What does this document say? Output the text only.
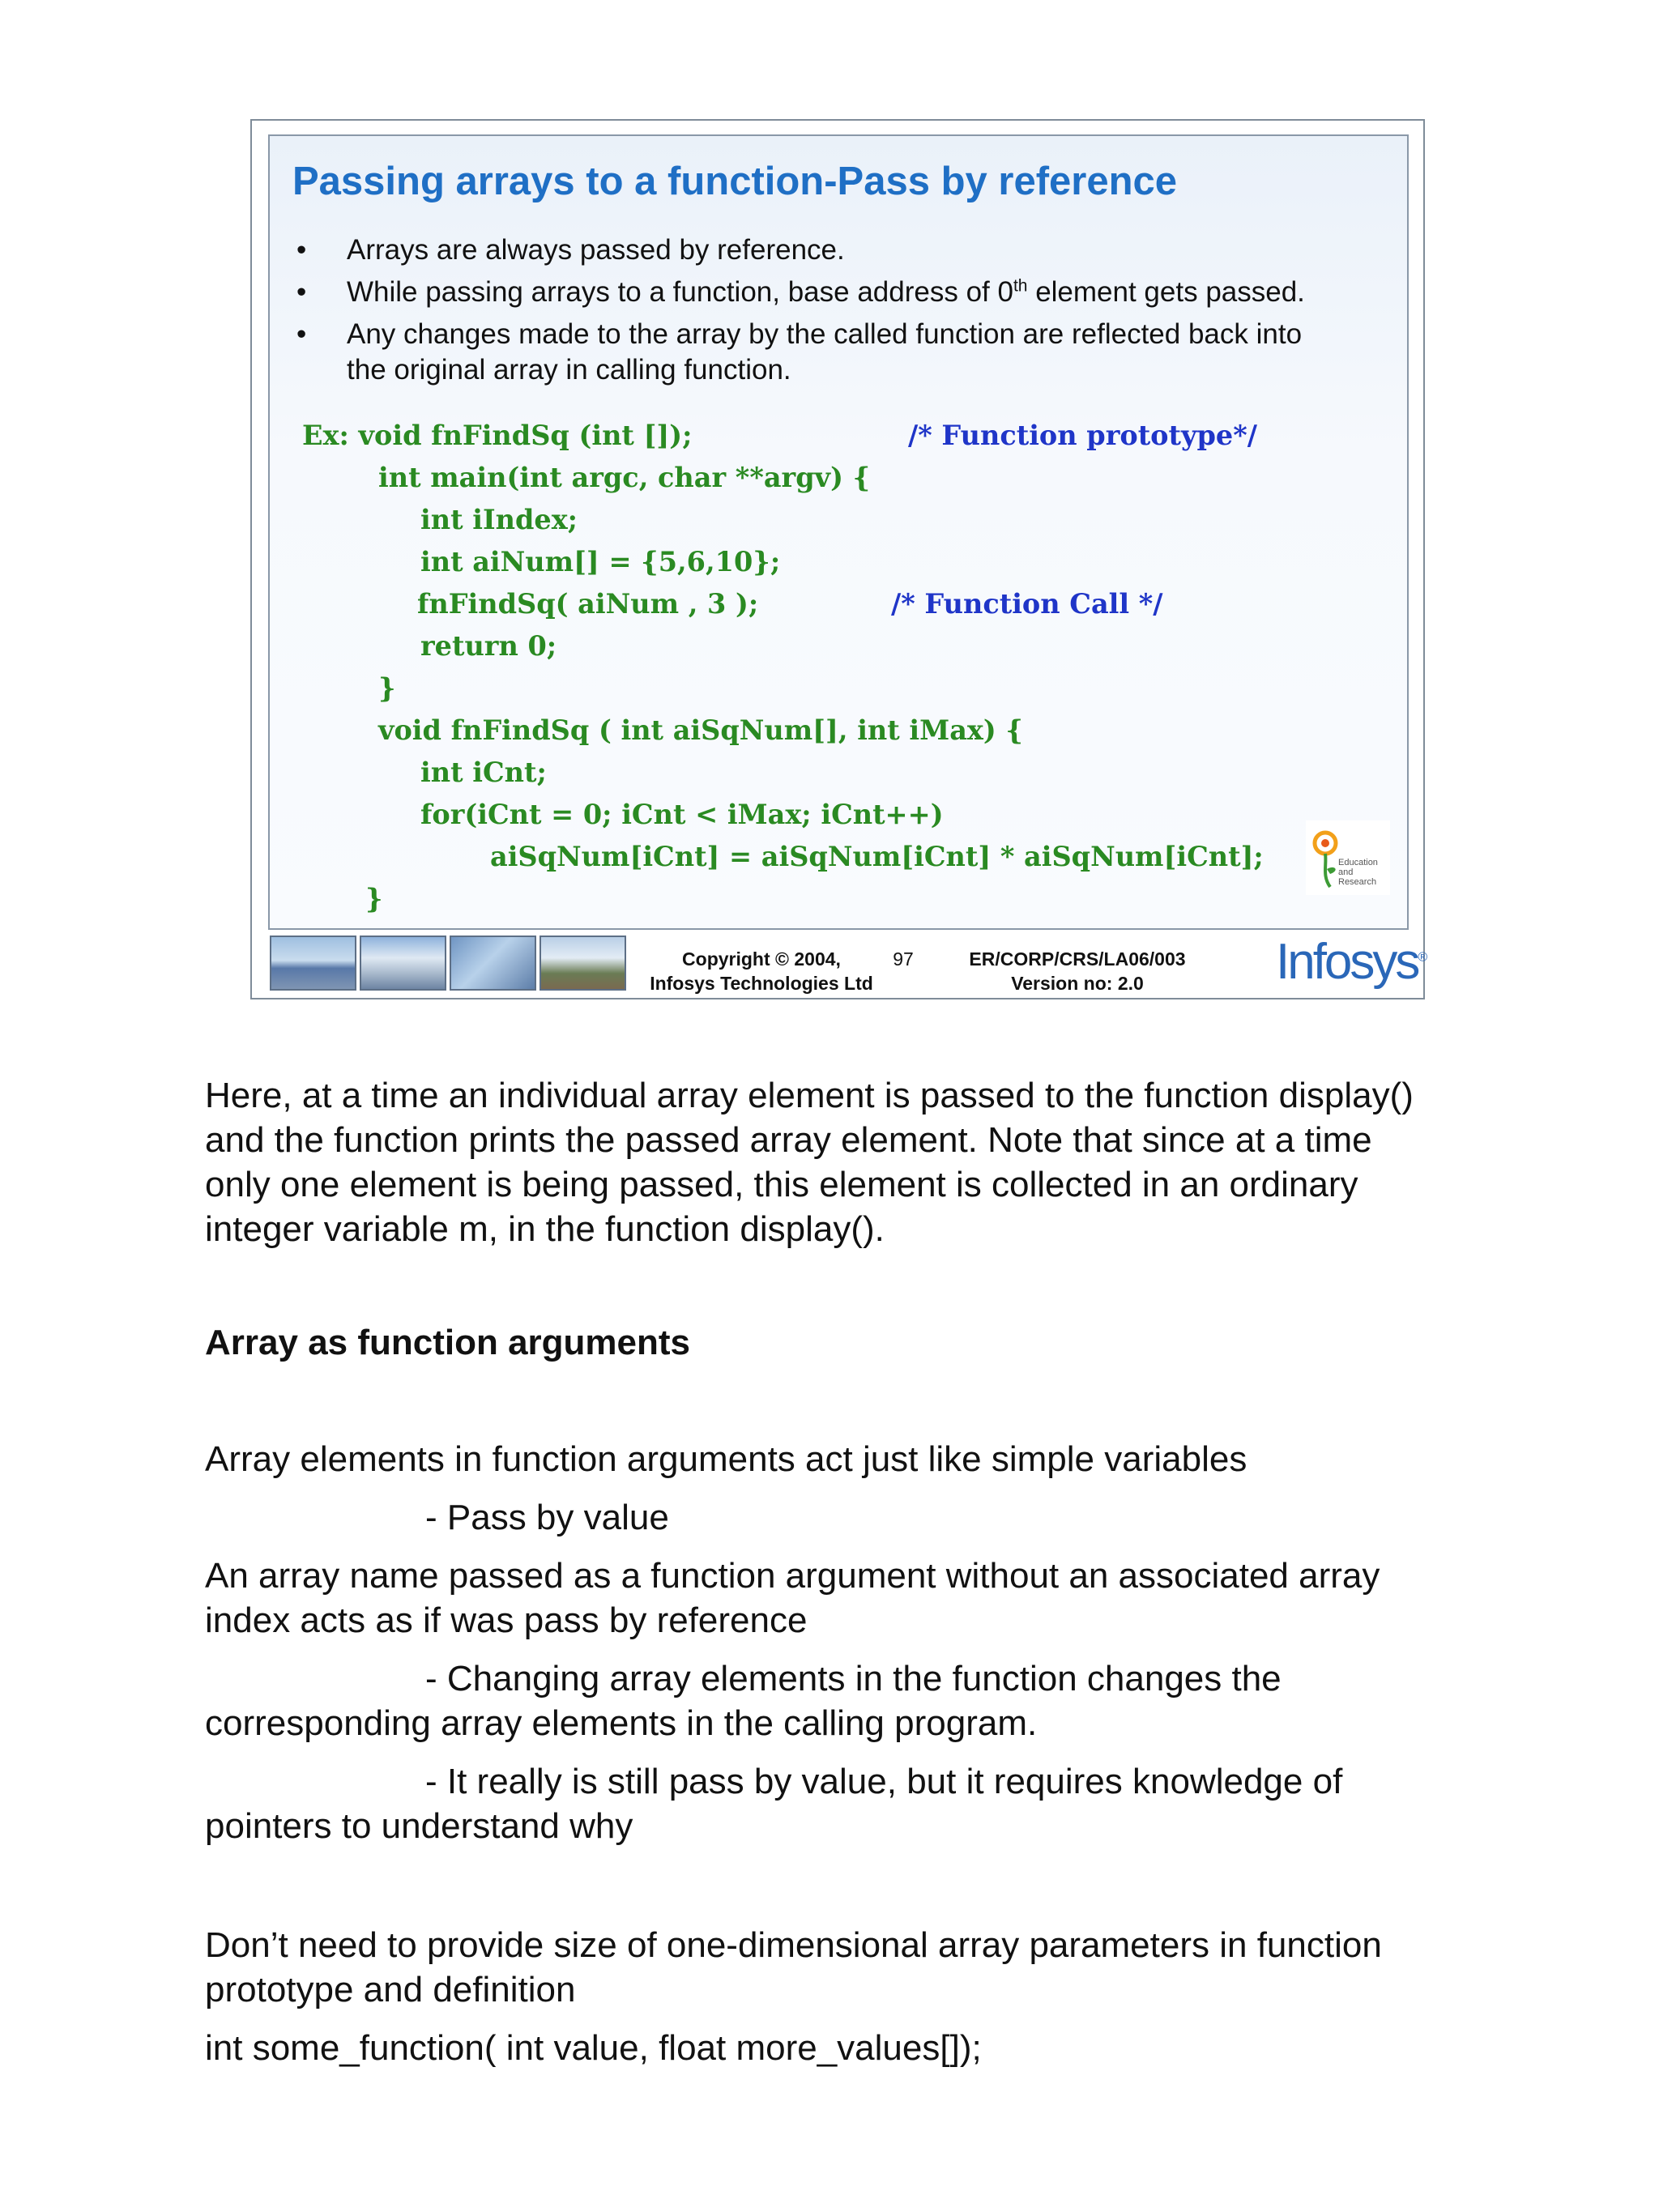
Passing arrays to a function-Pass by reference
• Arrays are always passed by reference.
• While passing arrays to a function, base address of 0th element gets passed.
• Any changes made to the array by the called function are reflected back into
the original array in calling function.
Ex: void fnFindSq (int []);	/* Function prototype*/
int main(int argc, char **argv) {
int iIndex;
int aiNum[] = {5,6,10};
fnFindSq( aiNum , 3 );	/* Function Call */
return 0;
}
void fnFindSq ( int aiSqNum[], int iMax) {
int iCnt;
for(iCnt = 0; iCnt < iMax; iCnt++)
aiSqNum[iCnt] = aiSqNum[iCnt] * aiSqNum[iCnt];
}
Education
and
Research
Copyright © 2004,
Infosys Technologies Ltd
97	ER/CORP/CRS/LA06/003
Version no: 2.0	Infosys®

Here, at a time an individual array element is passed to the function display()

and the function prints the passed array element. Note that since at a time

only one element is being passed, this element is collected in an ordinary

integer variable m, in the function display().

Array as function arguments
Array elements in function arguments act just like simple variables
- Pass by value

An array name passed as a function argument without an associated array

index acts as if was pass by reference

- Changing array elements in the function changes the

corresponding array elements in the calling program.

- It really is still pass by value, but it requires knowledge of

pointers to understand why

Don’t need to provide size of one-dimensional array parameters in function

prototype and definition

int some_function( int value, float more_values[]);
